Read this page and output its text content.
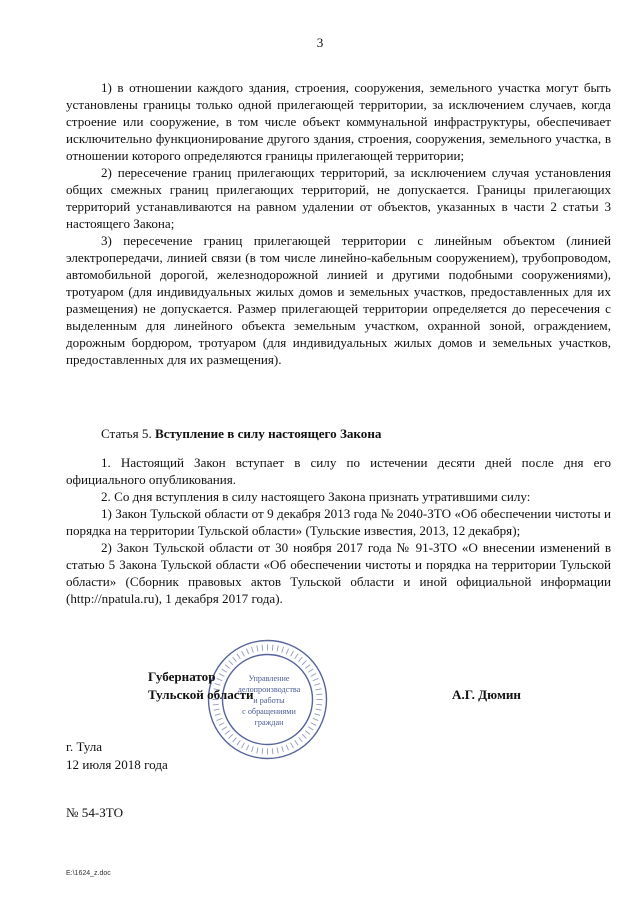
3

1) в отношении каждого здания, строения, сооружения, земельного участка могут быть установлены границы только одной прилегающей территории, за исключением случаев, когда строение или сооружение, в том числе объект коммунальной инфраструктуры, обеспечивает исключительно функционирование другого здания, строения, сооружения, земельного участка, в отношении которого определяются границы прилегающей территории;

2) пересечение границ прилегающих территорий, за исключением случая установления общих смежных границ прилегающих территорий, не допускается. Границы прилегающих территорий устанавливаются на равном удалении от объектов, указанных в части 2 статьи 3 настоящего Закона;

3) пересечение границ прилегающей территории с линейным объектом (линией электропередачи, линией связи (в том числе линейно-кабельным сооружением), трубопроводом, автомобильной дорогой, железнодорожной линией и другими подобными сооружениями), тротуаром (для индивидуальных жилых домов и земельных участков, предоставленных для их размещения) не допускается. Размер прилегающей территории определяется до пересечения с выделенным для линейного объекта земельным участком, охранной зоной, ограждением, дорожным бордюром, тротуаром (для индивидуальных жилых домов и земельных участков, предоставленных для их размещения).

Статья 5. Вступление в силу настоящего Закона

1. Настоящий Закон вступает в силу по истечении десяти дней после дня его официального опубликования.

2. Со дня вступления в силу настоящего Закона признать утратившими силу:

1) Закон Тульской области от 9 декабря 2013 года № 2040-ЗТО «Об обеспечении чистоты и порядка на территории Тульской области» (Тульские известия, 2013, 12 декабря);

2) Закон Тульской области от 30 ноября 2017 года № 91-ЗТО «О внесении изменений в статью 5 Закона Тульской области «Об обеспечении чистоты и порядка на территории Тульской области» (Сборник правовых актов Тульской области и иной официальной информации (http://npatula.ru), 1 декабря 2017 года).

Управление
делопроизводства
и работы
с обращениями
граждан
Губернатор
Тульской области	А.Г. Дюмин
г. Тула
12 июля 2018 года
№ 54-ЗТО
E:\1624_z.doc
